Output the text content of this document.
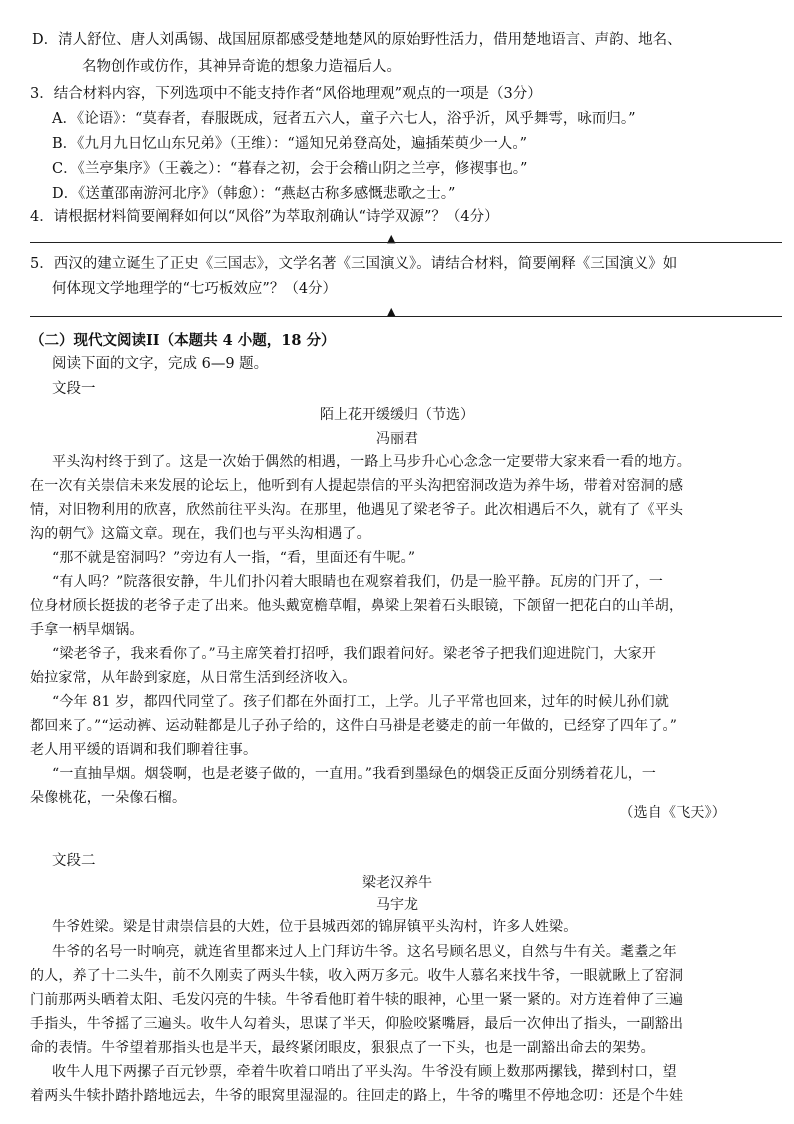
D．清人舒位、唐人刘禹锡、战国屈原都感受楚地楚风的原始野性活力，借用楚地语言、声韵、地名、
名物创作或仿作，其神异奇诡的想象力造福后人。
3．结合材料内容，下列选项中不能支持作者“风俗地理观”观点的一项是（3分）
A．《论语》：“莫春者，春服既成，冠者五六人，童子六七人，浴乎沂，风乎舞雩，咏而归。”
B．《九月九日忆山东兄弟》（王维）：“遥知兄弟登高处，遍插茱萸少一人。”
C．《兰亭集序》（王羲之）：“暮春之初，会于会稽山阴之兰亭，修禊事也。”
D．《送董邵南游河北序》（韩愈）：“燕赵古称多感慨悲歌之士。”
4．请根据材料简要阐释如何以“风俗”为萃取剂确认“诗学双源”？（4分）
▲
5．西汉的建立诞生了正史《三国志》，文学名著《三国演义》。请结合材料，简要阐释《三国演义》如
何体现文学地理学的“七巧板效应”？（4分）
▲
（二）现代文阅读II（本题共 4 小题，18 分）
阅读下面的文字，完成 6—9 题。
文段一
陌上花开缓缓归（节选）
冯丽君
平头沟村终于到了。这是一次始于偶然的相遇，一路上马步升心心念念一定要带大家来看一看的地方。
在一次有关崇信未来发展的论坛上，他听到有人提起崇信的平头沟把窑洞改造为养牛场，带着对窑洞的感
情，对旧物利用的欣喜，欣然前往平头沟。在那里，他遇见了梁老爷子。此次相遇后不久，就有了《平头
沟的朝气》这篇文章。现在，我们也与平头沟相遇了。
“那不就是窑洞吗？”旁边有人一指，“看，里面还有牛呢。”
“有人吗？”院落很安静，牛儿们扑闪着大眼睛也在观察着我们，仍是一脸平静。瓦房的门开了，一
位身材颀长挺拔的老爷子走了出来。他头戴宽檐草帽，鼻梁上架着石头眼镜，下颌留一把花白的山羊胡，
手拿一柄旱烟锅。
“梁老爷子，我来看你了。”马主席笑着打招呼，我们跟着问好。梁老爷子把我们迎进院门，大家开
始拉家常，从年龄到家庭，从日常生活到经济收入。
“今年 81 岁，都四代同堂了。孩子们都在外面打工，上学。儿子平常也回来，过年的时候儿孙们就
都回来了。”“运动裤、运动鞋都是儿子孙子给的，这件白马褂是老婆走的前一年做的，已经穿了四年了。”
老人用平缓的语调和我们聊着往事。
“一直抽旱烟。烟袋啊，也是老婆子做的，一直用。”我看到墨绿色的烟袋正反面分别绣着花儿，一
朵像桃花，一朵像石榴。
（选自《飞天》）
文段二
梁老汉养牛
马宇龙
牛爷姓梁。梁是甘肃崇信县的大姓，位于县城西郊的锦屏镇平头沟村，许多人姓梁。
牛爷的名号一时响亮，就连省里都来过人上门拜访牛爷。这名号顾名思义，自然与牛有关。耄耋之年
的人，养了十二头牛，前不久刚卖了两头牛犊，收入两万多元。收牛人慕名来找牛爷，一眼就瞅上了窑洞
门前那两头晒着太阳、毛发闪亮的牛犊。牛爷看他盯着牛犊的眼神，心里一紧一紧的。对方连着伸了三遍
手指头，牛爷摇了三遍头。收牛人勾着头，思谋了半天，仰脸咬紧嘴唇，最后一次伸出了指头，一副豁出
命的表情。牛爷望着那指头也是半天，最终紧闭眼皮，狠狠点了一下头，也是一副豁出命去的架势。
收牛人甩下两摞子百元钞票，牵着牛吹着口哨出了平头沟。牛爷没有顾上数那两摞钱，撵到村口，望
着两头牛犊扑踏扑踏地远去，牛爷的眼窝里湿湿的。往回走的路上，牛爷的嘴里不停地念叨：还是个牛娃
